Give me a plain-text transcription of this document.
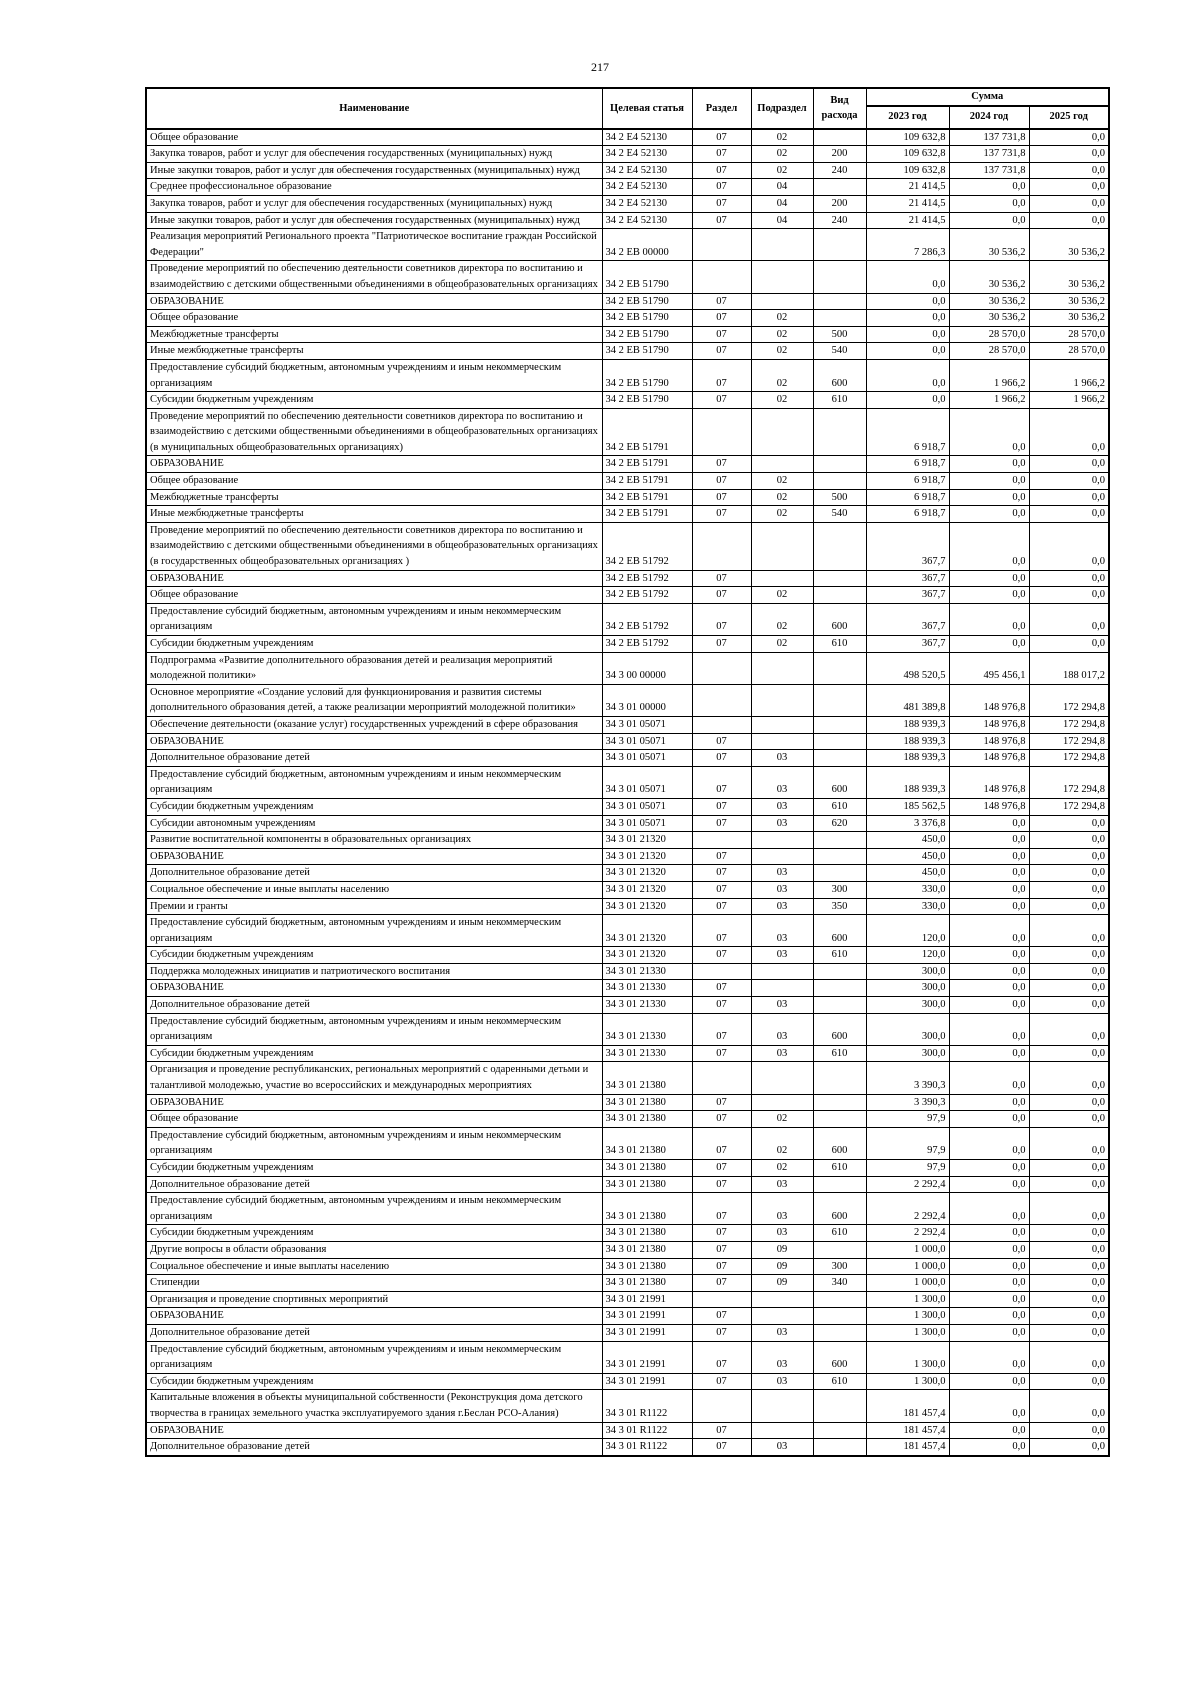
217
Наименование	Целевая статья	Раздел	Подраздел	Вид расхода	Сумма		
					2023 год	2024 год	2025 год
Общее образование	34 2 Е4 52130	07	02		109 632,8	137 731,8	0,0
Закупка товаров, работ и услуг для обеспечения государственных (муниципальных) нужд	34 2 Е4 52130	07	02	200	109 632,8	137 731,8	0,0
Иные закупки товаров, работ и услуг для обеспечения государственных (муниципальных) нужд	34 2 Е4 52130	07	02	240	109 632,8	137 731,8	0,0
Среднее профессиональное образование	34 2 Е4 52130	07	04		21 414,5	0,0	0,0
Закупка товаров, работ и услуг для обеспечения государственных (муниципальных) нужд	34 2 Е4 52130	07	04	200	21 414,5	0,0	0,0
Иные закупки товаров, работ и услуг для обеспечения государственных (муниципальных) нужд	34 2 Е4 52130	07	04	240	21 414,5	0,0	0,0
Реализация мероприятий Регионального проекта "Патриотическое воспитание граждан Российской Федерации"	34 2 ЕВ 00000				7 286,3	30 536,2	30 536,2
Проведение мероприятий по обеспечению деятельности советников директора по воспитанию и взаимодействию с детскими общественными объединениями в общеобразовательных организациях	34 2 ЕВ 51790				0,0	30 536,2	30 536,2
ОБРАЗОВАНИЕ	34 2 ЕВ 51790	07			0,0	30 536,2	30 536,2
Общее образование	34 2 ЕВ 51790	07	02		0,0	30 536,2	30 536,2
Межбюджетные трансферты	34 2 ЕВ 51790	07	02	500	0,0	28 570,0	28 570,0
Иные межбюджетные трансферты	34 2 ЕВ 51790	07	02	540	0,0	28 570,0	28 570,0
Предоставление субсидий бюджетным, автономным учреждениям и иным некоммерческим организациям	34 2 ЕВ 51790	07	02	600	0,0	1 966,2	1 966,2
Субсидии бюджетным учреждениям	34 2 ЕВ 51790	07	02	610	0,0	1 966,2	1 966,2
Проведение мероприятий по обеспечению деятельности советников директора по воспитанию и взаимодействию с детскими общественными объединениями в общеобразовательных организациях (в муниципальных общеобразовательных организациях)	34 2 ЕВ 51791				6 918,7	0,0	0,0
ОБРАЗОВАНИЕ	34 2 ЕВ 51791	07			6 918,7	0,0	0,0
Общее образование	34 2 ЕВ 51791	07	02		6 918,7	0,0	0,0
Межбюджетные трансферты	34 2 ЕВ 51791	07	02	500	6 918,7	0,0	0,0
Иные межбюджетные трансферты	34 2 ЕВ 51791	07	02	540	6 918,7	0,0	0,0
Проведение мероприятий по обеспечению деятельности советников директора по воспитанию и взаимодействию с детскими общественными объединениями в общеобразовательных организациях (в государственных общеобразовательных организациях )	34 2 ЕВ 51792				367,7	0,0	0,0
ОБРАЗОВАНИЕ	34 2 ЕВ 51792	07			367,7	0,0	0,0
Общее образование	34 2 ЕВ 51792	07	02		367,7	0,0	0,0
Предоставление субсидий бюджетным, автономным учреждениям и иным некоммерческим организациям	34 2 ЕВ 51792	07	02	600	367,7	0,0	0,0
Субсидии бюджетным учреждениям	34 2 ЕВ 51792	07	02	610	367,7	0,0	0,0
Подпрограмма «Развитие дополнительного образования детей и реализация мероприятий молодежной политики»	34 3 00 00000				498 520,5	495 456,1	188 017,2
Основное мероприятие «Создание условий для функционирования и развития системы дополнительного образования детей, а также реализации мероприятий молодежной политики»	34 3 01 00000				481 389,8	148 976,8	172 294,8
Обеспечение деятельности (оказание услуг) государственных учреждений в сфере образования	34 3 01 05071				188 939,3	148 976,8	172 294,8
ОБРАЗОВАНИЕ	34 3 01 05071	07			188 939,3	148 976,8	172 294,8
Дополнительное образование детей	34 3 01 05071	07	03		188 939,3	148 976,8	172 294,8
Предоставление субсидий бюджетным, автономным учреждениям и иным некоммерческим организациям	34 3 01 05071	07	03	600	188 939,3	148 976,8	172 294,8
Субсидии бюджетным учреждениям	34 3 01 05071	07	03	610	185 562,5	148 976,8	172 294,8
Субсидии автономным учреждениям	34 3 01 05071	07	03	620	3 376,8	0,0	0,0
Развитие воспитательной компоненты в образовательных организациях	34 3 01 21320				450,0	0,0	0,0
ОБРАЗОВАНИЕ	34 3 01 21320	07			450,0	0,0	0,0
Дополнительное образование детей	34 3 01 21320	07	03		450,0	0,0	0,0
Социальное обеспечение и иные выплаты населению	34 3 01 21320	07	03	300	330,0	0,0	0,0
Премии и гранты	34 3 01 21320	07	03	350	330,0	0,0	0,0
Предоставление субсидий бюджетным, автономным учреждениям и иным некоммерческим организациям	34 3 01 21320	07	03	600	120,0	0,0	0,0
Субсидии бюджетным учреждениям	34 3 01 21320	07	03	610	120,0	0,0	0,0
Поддержка молодежных инициатив и патриотического воспитания	34 3 01 21330				300,0	0,0	0,0
ОБРАЗОВАНИЕ	34 3 01 21330	07			300,0	0,0	0,0
Дополнительное образование детей	34 3 01 21330	07	03		300,0	0,0	0,0
Предоставление субсидий бюджетным, автономным учреждениям и иным некоммерческим организациям	34 3 01 21330	07	03	600	300,0	0,0	0,0
Субсидии бюджетным учреждениям	34 3 01 21330	07	03	610	300,0	0,0	0,0
Организация и проведение республиканских, региональных мероприятий с одаренными детьми и талантливой молодежью, участие во всероссийских и международных мероприятиях	34 3 01 21380				3 390,3	0,0	0,0
ОБРАЗОВАНИЕ	34 3 01 21380	07			3 390,3	0,0	0,0
Общее образование	34 3 01 21380	07	02		97,9	0,0	0,0
Предоставление субсидий бюджетным, автономным учреждениям и иным некоммерческим организациям	34 3 01 21380	07	02	600	97,9	0,0	0,0
Субсидии бюджетным учреждениям	34 3 01 21380	07	02	610	97,9	0,0	0,0
Дополнительное образование детей	34 3 01 21380	07	03		2 292,4	0,0	0,0
Предоставление субсидий бюджетным, автономным учреждениям и иным некоммерческим организациям	34 3 01 21380	07	03	600	2 292,4	0,0	0,0
Субсидии бюджетным учреждениям	34 3 01 21380	07	03	610	2 292,4	0,0	0,0
Другие вопросы в области образования	34 3 01 21380	07	09		1 000,0	0,0	0,0
Социальное обеспечение и иные выплаты населению	34 3 01 21380	07	09	300	1 000,0	0,0	0,0
Стипендии	34 3 01 21380	07	09	340	1 000,0	0,0	0,0
Организация и проведение спортивных мероприятий	34 3 01 21991				1 300,0	0,0	0,0
ОБРАЗОВАНИЕ	34 3 01 21991	07			1 300,0	0,0	0,0
Дополнительное образование детей	34 3 01 21991	07	03		1 300,0	0,0	0,0
Предоставление субсидий бюджетным, автономным учреждениям и иным некоммерческим организациям	34 3 01 21991	07	03	600	1 300,0	0,0	0,0
Субсидии бюджетным учреждениям	34 3 01 21991	07	03	610	1 300,0	0,0	0,0
Капитальные вложения в объекты муниципальной собственности (Реконструкция дома детского творчества в границах земельного участка эксплуатируемого здания г.Беслан РСО-Алания)	34 3 01 R1122				181 457,4	0,0	0,0
ОБРАЗОВАНИЕ	34 3 01 R1122	07			181 457,4	0,0	0,0
Дополнительное образование детей	34 3 01 R1122	07	03		181 457,4	0,0	0,0
